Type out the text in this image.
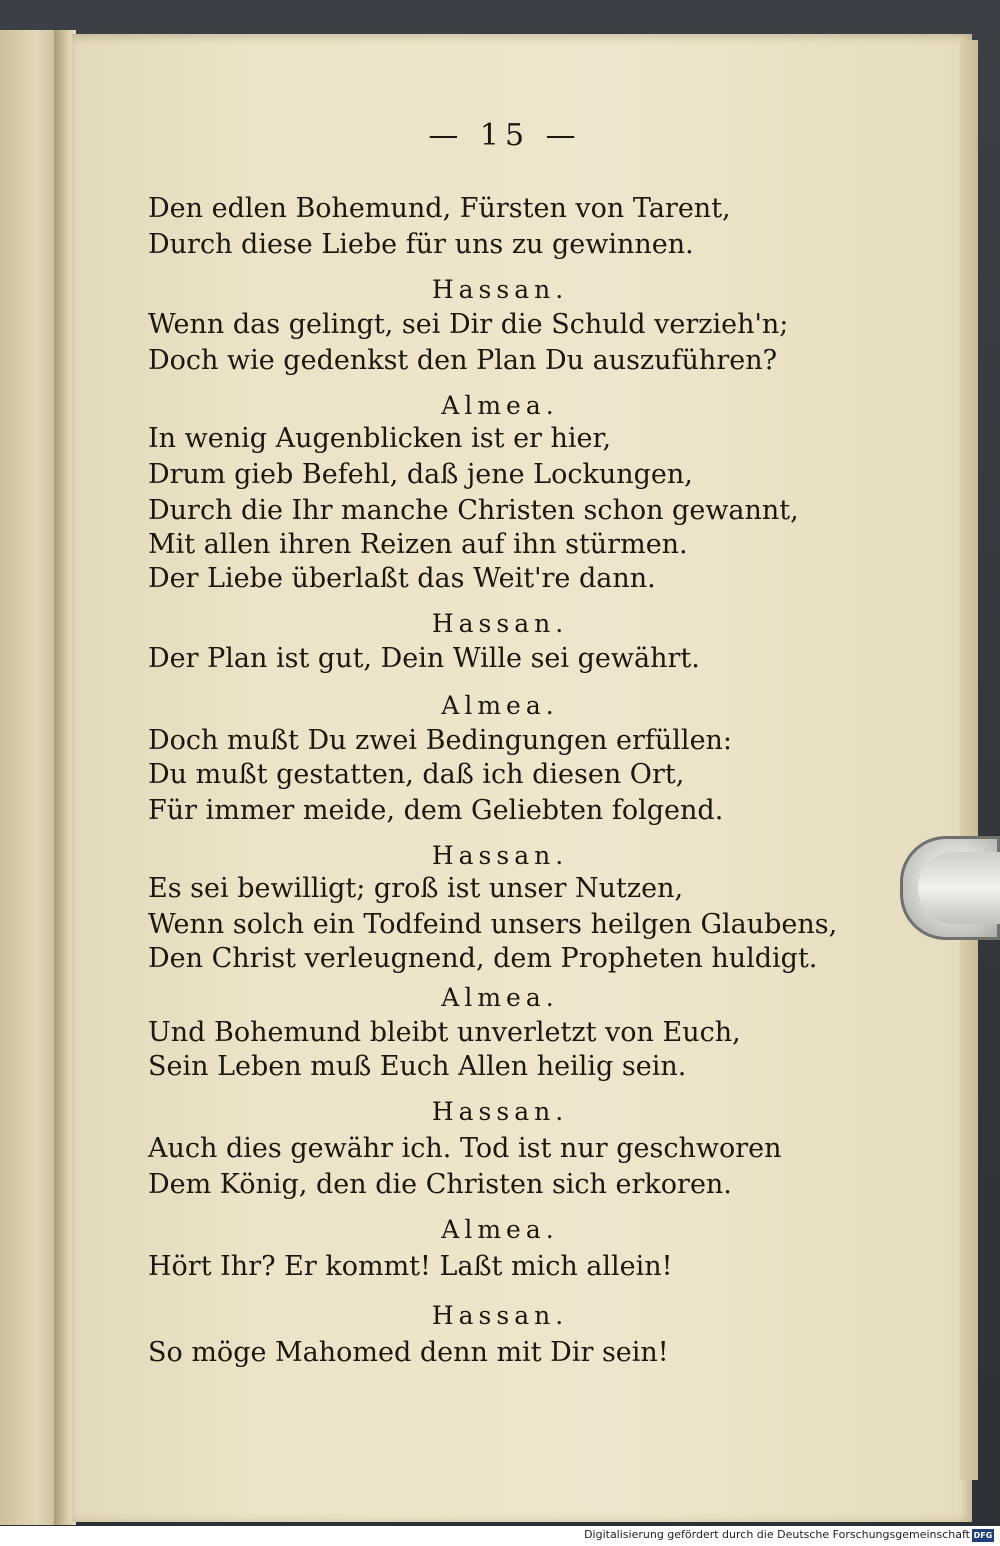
— 15 —
Den edlen Bohemund, Fürsten von Tarent,
Durch diese Liebe für uns zu gewinnen.
Hassan.
Wenn das gelingt, sei Dir die Schuld verzieh'n;
Doch wie gedenkst den Plan Du auszuführen?
Almea.
In wenig Augenblicken ist er hier,
Drum gieb Befehl, daß jene Lockungen,
Durch die Ihr manche Christen schon gewannt,
Mit allen ihren Reizen auf ihn stürmen.
Der Liebe überlaßt das Weit're dann.
Hassan.
Der Plan ist gut, Dein Wille sei gewährt.
Almea.
Doch mußt Du zwei Bedingungen erfüllen:
Du mußt gestatten, daß ich diesen Ort,
Für immer meide, dem Geliebten folgend.
Hassan.
Es sei bewilligt; groß ist unser Nutzen,
Wenn solch ein Todfeind unsers heilgen Glaubens,
Den Christ verleugnend, dem Propheten huldigt.
Almea.
Und Bohemund bleibt unverletzt von Euch,
Sein Leben muß Euch Allen heilig sein.
Hassan.
Auch dies gewähr ich. Tod ist nur geschworen
Dem König, den die Christen sich erkoren.
Almea.
Hört Ihr? Er kommt! Laßt mich allein!
Hassan.
So möge Mahomed denn mit Dir sein!
Digitalisierung gefördert durch die Deutsche Forschungsgemeinschaft DFG
